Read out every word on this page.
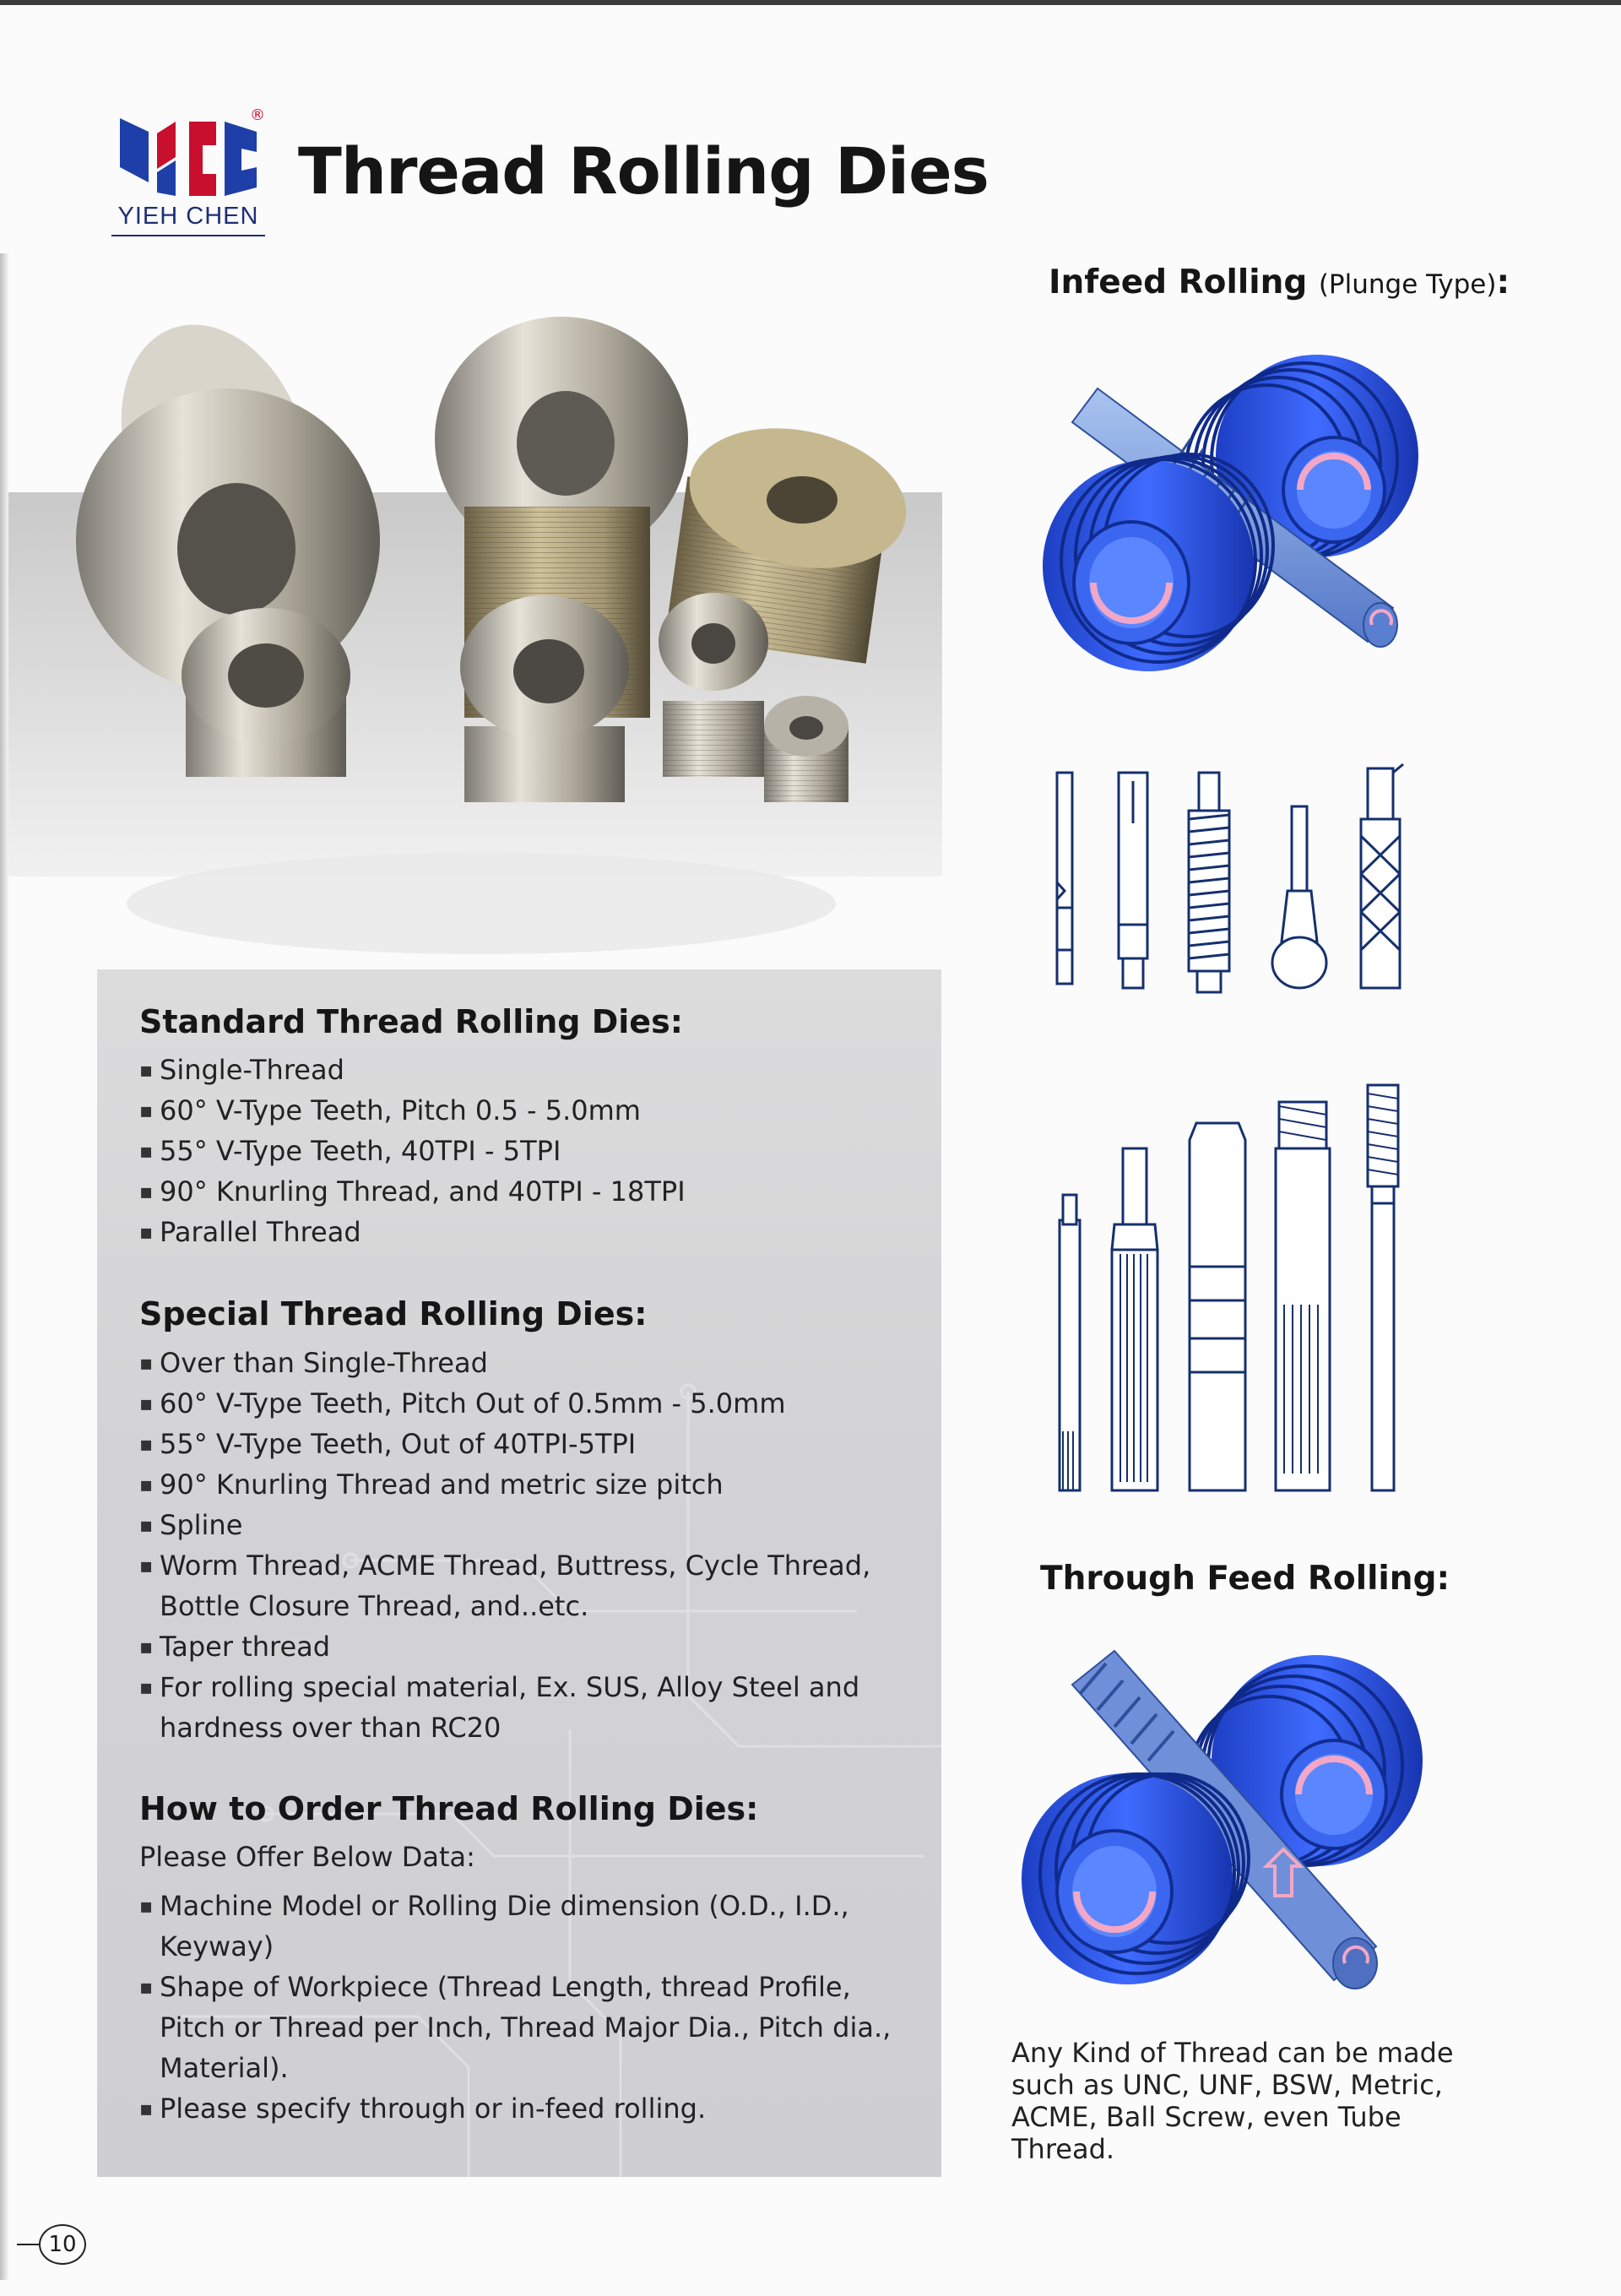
®
YIEH CHEN
Thread Rolling Dies
Standard Thread Rolling Dies:
▪ Single-Thread
▪ 60° V-Type Teeth, Pitch 0.5 - 5.0mm
▪ 55° V-Type Teeth, 40TPI - 5TPI
▪ 90° Knurling Thread, and 40TPI - 18TPI
▪ Parallel Thread
Special Thread Rolling Dies:
▪ Over than Single-Thread
▪ 60° V-Type Teeth, Pitch Out of 0.5mm - 5.0mm
▪ 55° V-Type Teeth, Out of 40TPI-5TPI
▪ 90° Knurling Thread and metric size pitch
▪ Spline
▪ Worm Thread, ACME Thread, Buttress, Cycle Thread, Bottle Closure Thread, and..etc.
▪ Taper thread
▪ For rolling special material, Ex. SUS, Alloy Steel and hardness over than RC20
How to Order Thread Rolling Dies:
Please Offer Below Data:
▪ Machine Model or Rolling Die dimension (O.D., I.D., Keyway)
▪ Shape of Workpiece (Thread Length, thread Profile, Pitch or Thread per Inch, Thread Major Dia., Pitch dia., Material).
▪ Please specify through or in-feed rolling.
Infeed Rolling (Plunge Type):
Through Feed Rolling:
Any Kind of Thread can be made such as UNC, UNF, BSW, Metric, ACME, Ball Screw, even Tube Thread.
10
